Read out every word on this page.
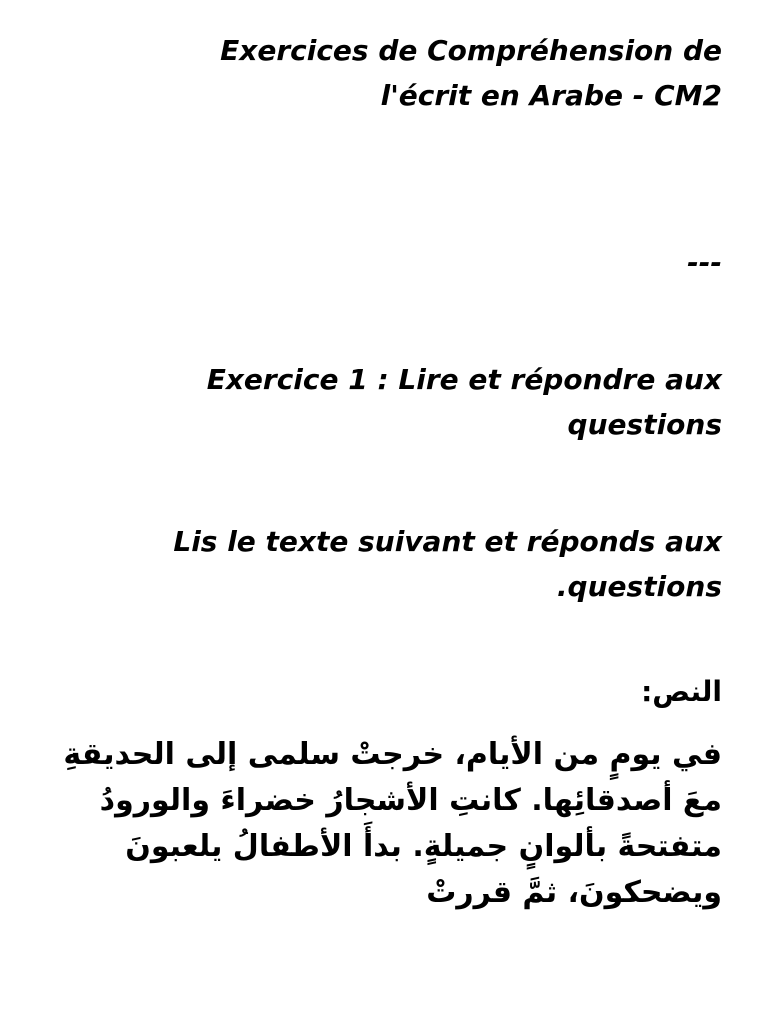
Exercices de Compréhension de

l'écrit en Arabe - CM2

---

Exercice 1 : Lire et répondre aux

questions

Lis le texte suivant et réponds aux

.questions

النص:

في يومٍ من الأيام، خرجتْ سلمى إلى الحديقةِ معَ أصدقائِها. كانتِ الأشجارُ خضراءَ والورودُ متفتحةً بألوانٍ جميلةٍ. بدأَ الأطفالُ يلعبونَ ويضحكونَ، ثمَّ قررتْ
